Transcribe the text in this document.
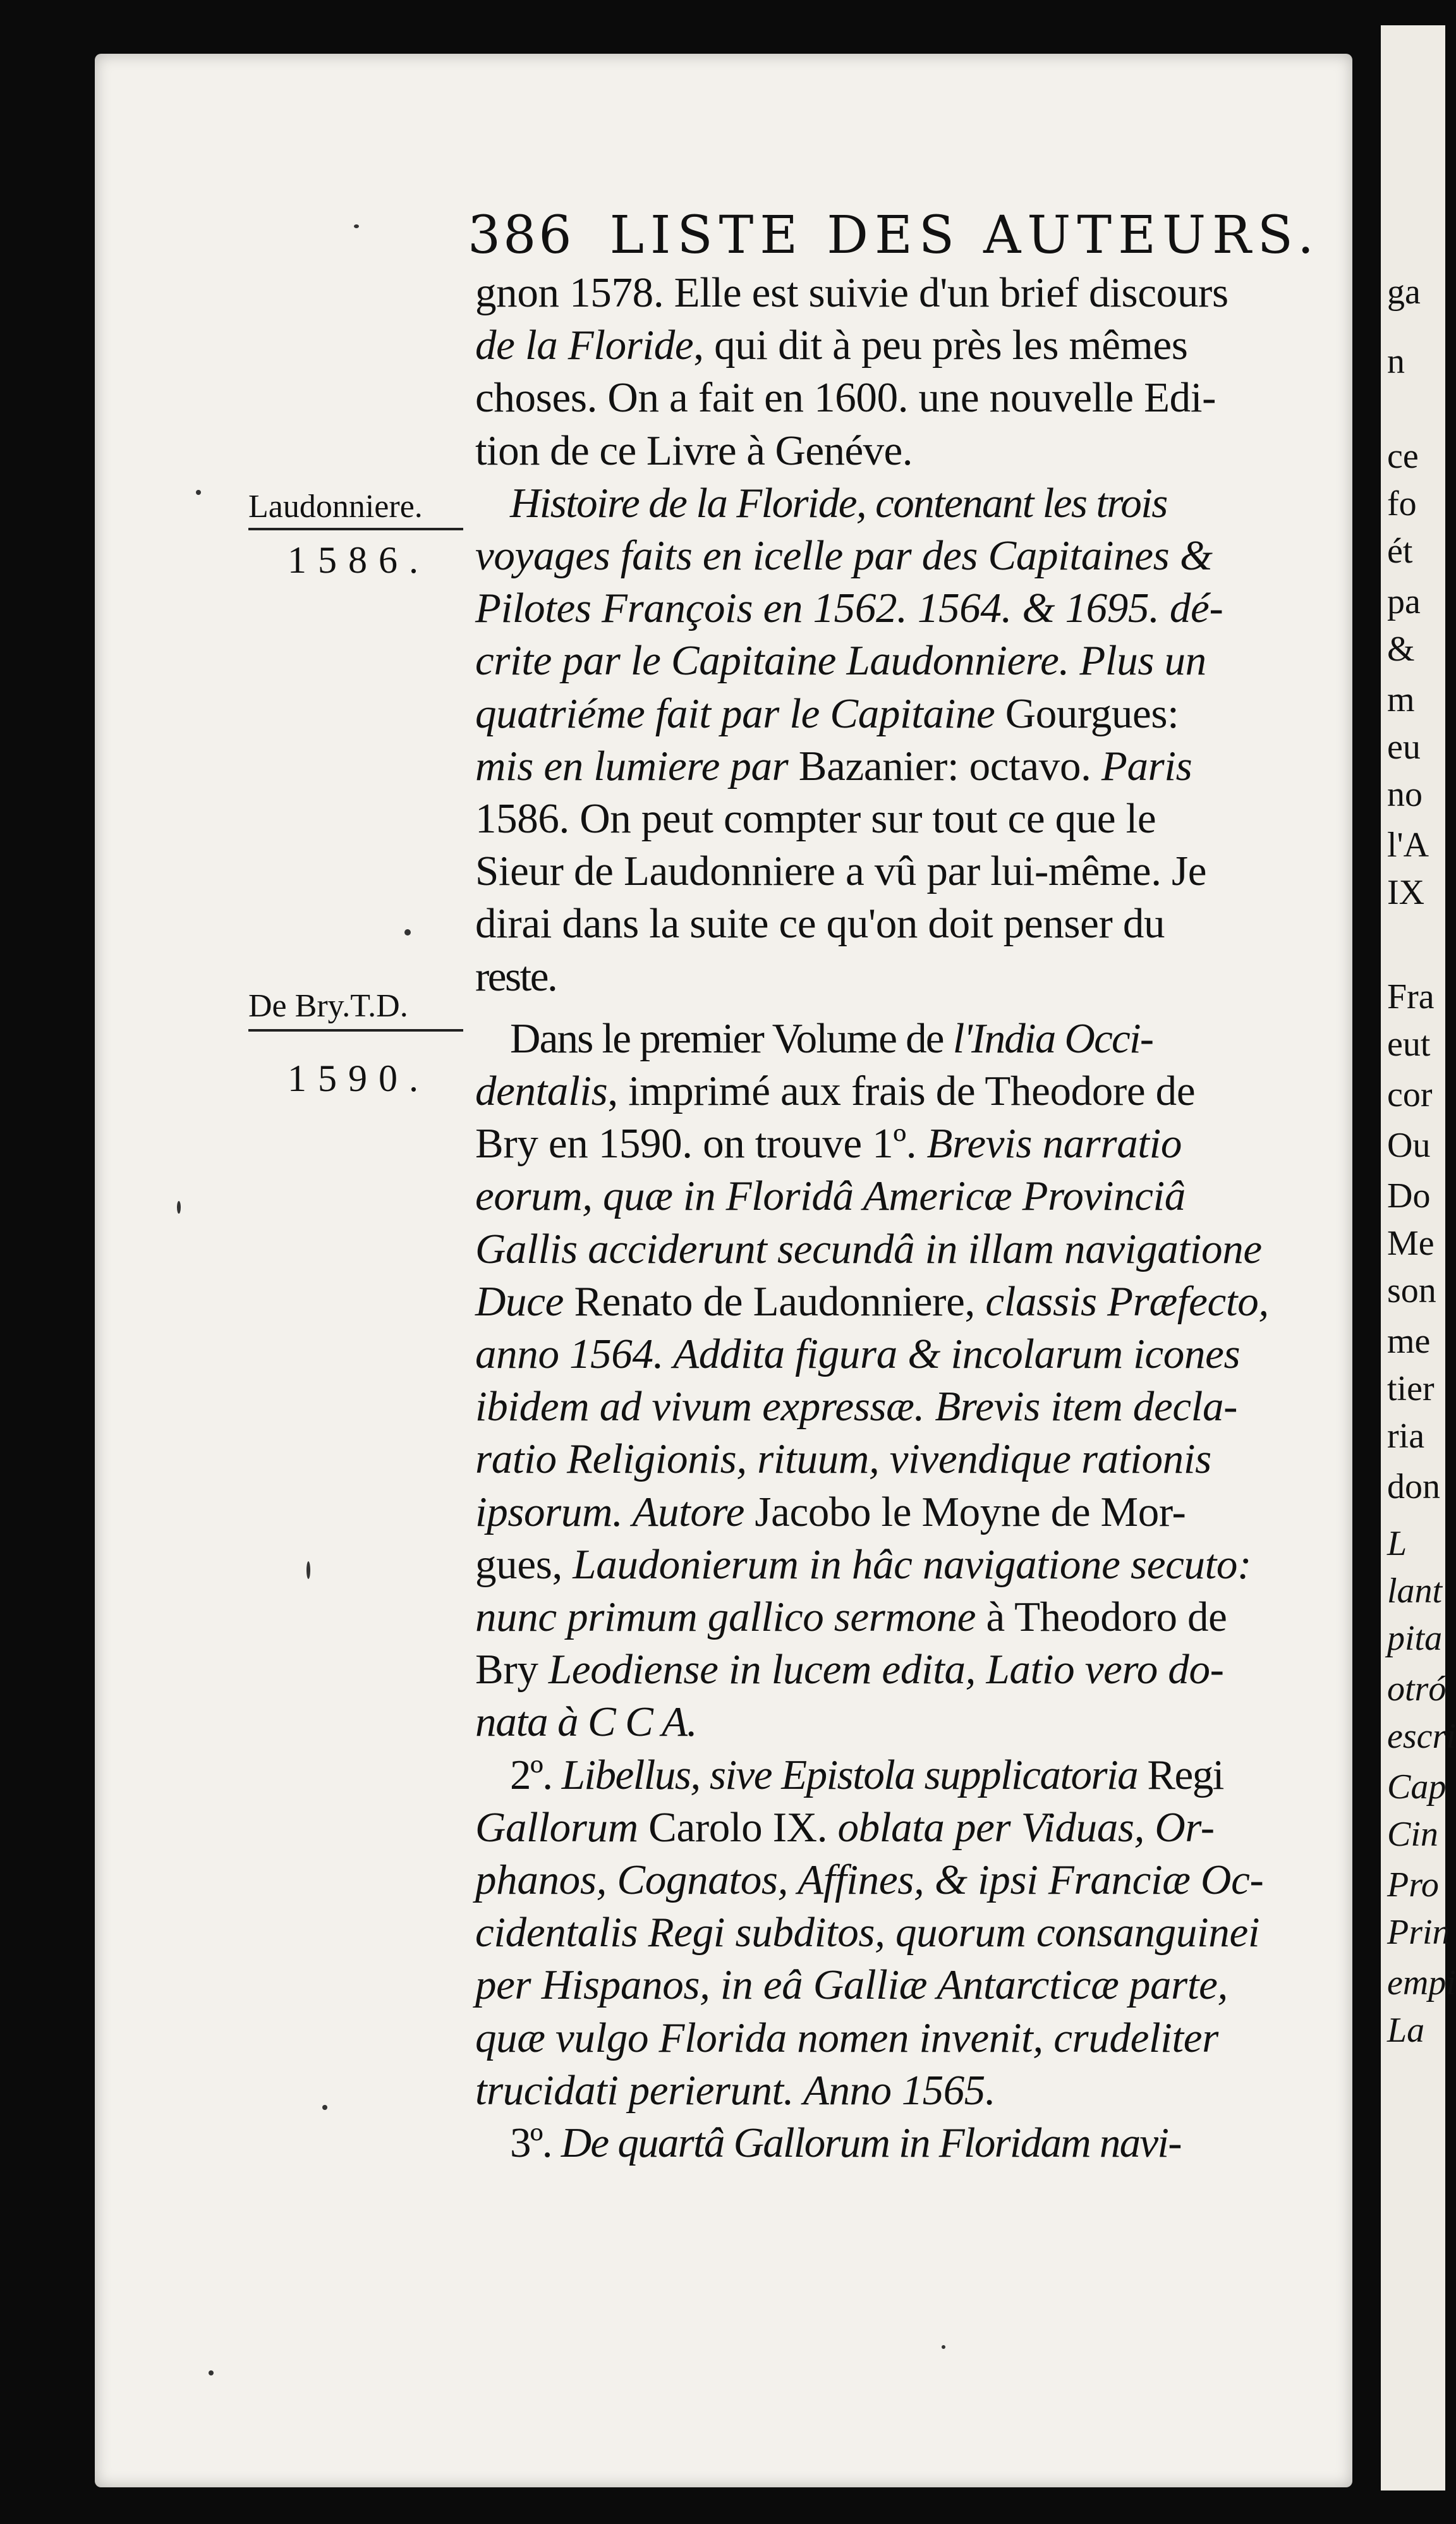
ga
n
ce
fo
ét
pa
&
m
eu
no
l'A
IX
Fra
eut
cor
Ou
Do
Me
son
me
tier
ria
don
L
lant
pita
otró
escri
Cap
Cin
Pro
Prin
empi
La
386 LISTE DES AUTEURS.
Laudonniere.
1586.
De Bry.T.D.
1590.
gnon 1578. Elle est suivie d'un brief discours
de la Floride, qui dit à peu près les mêmes
choses. On a fait en 1600. une nouvelle Edi-
tion de ce Livre à Genéve.
Histoire de la Floride, contenant les trois
voyages faits en icelle par des Capitaines &
Pilotes François en 1562. 1564. & 1695. dé-
crite par le Capitaine Laudonniere. Plus un
quatriéme fait par le Capitaine Gourgues:
mis en lumiere par Bazanier: octavo. Paris
1586. On peut compter sur tout ce que le
Sieur de Laudonniere a vû par lui-même. Je
dirai dans la suite ce qu'on doit penser du
reste.
Dans le premier Volume de l'India Occi-
dentalis, imprimé aux frais de Theodore de
Bry en 1590. on trouve 1º. Brevis narratio
eorum, quæ in Floridâ Americæ Provinciâ
Gallis acciderunt secundâ in illam navigatione
Duce Renato de Laudonniere, classis Præfecto,
anno 1564. Addita figura & incolarum icones
ibidem ad vivum expressæ. Brevis item decla-
ratio Religionis, rituum, vivendique rationis
ipsorum. Autore Jacobo le Moyne de Mor-
gues, Laudonierum in hâc navigatione secuto:
nunc primum gallico sermone à Theodoro de
Bry Leodiense in lucem edita, Latio vero do-
nata à C C A.
2º. Libellus, sive Epistola supplicatoria Regi
Gallorum Carolo IX. oblata per Viduas, Or-
phanos, Cognatos, Affines, & ipsi Franciæ Oc-
cidentalis Regi subditos, quorum consanguinei
per Hispanos, in eâ Galliæ Antarcticæ parte,
quæ vulgo Florida nomen invenit, crudeliter
trucidati perierunt. Anno 1565.
3º. De quartâ Gallorum in Floridam navi-
